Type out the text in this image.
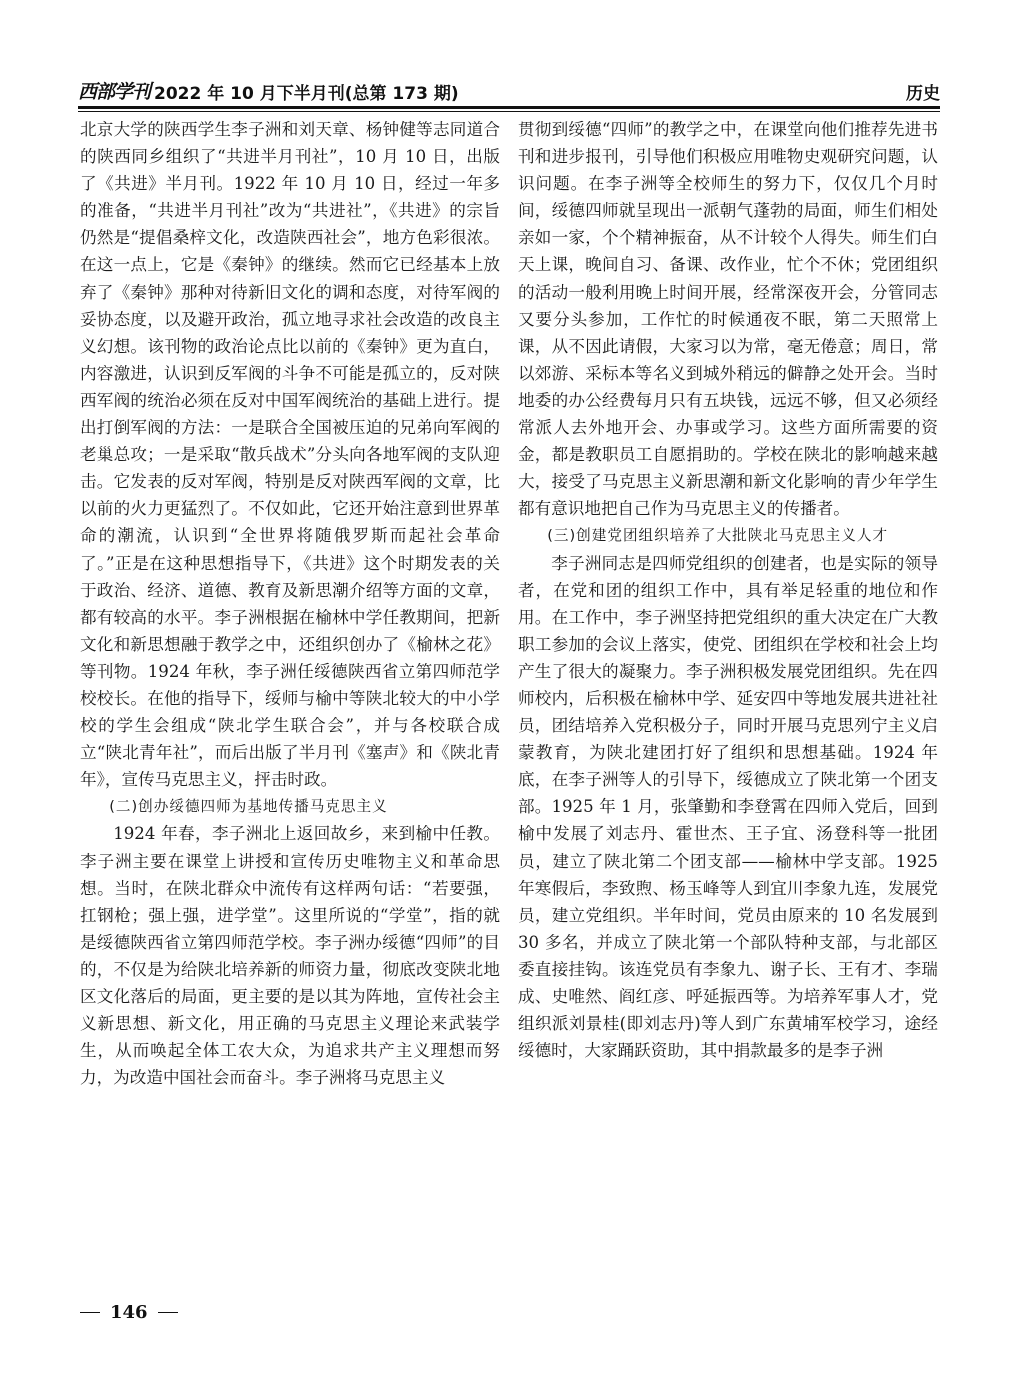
西部学刊 2022 年 10 月下半月刊(总第 173 期)	历史

北京大学的陕西学生李子洲和刘天章、杨钟健等志同道合的陕西同乡组织了“共进半月刊社”，10 月 10 日，出版了《共进》半月刊。1922 年 10 月 10 日，经过一年多的准备，“共进半月刊社”改为“共进社”，《共进》的宗旨仍然是“提倡桑梓文化，改造陕西社会”，地方色彩很浓。在这一点上，它是《秦钟》的继续。然而它已经基本上放弃了《秦钟》那种对待新旧文化的调和态度，对待军阀的妥协态度，以及避开政治，孤立地寻求社会改造的改良主义幻想。该刊物的政治论点比以前的《秦钟》更为直白，内容激进，认识到反军阀的斗争不可能是孤立的，反对陕西军阀的统治必须在反对中国军阀统治的基础上进行。提出打倒军阀的方法：一是联合全国被压迫的兄弟向军阀的老巢总攻；一是采取“散兵战术”分头向各地军阀的支队迎击。它发表的反对军阀，特别是反对陕西军阀的文章，比以前的火力更猛烈了。不仅如此，它还开始注意到世界革命的潮流，认识到“全世界将随俄罗斯而起社会革命了。”正是在这种思想指导下，《共进》这个时期发表的关于政治、经济、道德、教育及新思潮介绍等方面的文章，都有较高的水平。李子洲根据在榆林中学任教期间，把新文化和新思想融于教学之中，还组织创办了《榆林之花》等刊物。1924 年秋，李子洲任绥德陕西省立第四师范学校校长。在他的指导下，绥师与榆中等陕北较大的中小学校的学生会组成“陕北学生联合会”，并与各校联合成立“陕北青年社”，而后出版了半月刊《塞声》和《陕北青年》，宣传马克思主义，抨击时政。

(二)创办绥德四师为基地传播马克思主义

1924 年春，李子洲北上返回故乡，来到榆中任教。李子洲主要在课堂上讲授和宣传历史唯物主义和革命思想。当时，在陕北群众中流传有这样两句话：“若要强，扛钢枪；强上强，进学堂”。这里所说的“学堂”，指的就是绥德陕西省立第四师范学校。李子洲办绥德“四师”的目的，不仅是为给陕北培养新的师资力量，彻底改变陕北地区文化落后的局面，更主要的是以其为阵地，宣传社会主义新思想、新文化，用正确的马克思主义理论来武装学生，从而唤起全体工农大众，为追求共产主义理想而努力，为改造中国社会而奋斗。李子洲将马克思主义

贯彻到绥德“四师”的教学之中，在课堂向他们推荐先进书刊和进步报刊，引导他们积极应用唯物史观研究问题，认识问题。在李子洲等全校师生的努力下，仅仅几个月时间，绥德四师就呈现出一派朝气蓬勃的局面，师生们相处亲如一家，个个精神振奋，从不计较个人得失。师生们白天上课，晚间自习、备课、改作业，忙个不休；党团组织的活动一般利用晚上时间开展，经常深夜开会，分管同志又要分头参加，工作忙的时候通夜不眠，第二天照常上课，从不因此请假，大家习以为常，毫无倦意；周日，常以郊游、采标本等名义到城外稍远的僻静之处开会。当时地委的办公经费每月只有五块钱，远远不够，但又必须经常派人去外地开会、办事或学习。这些方面所需要的资金，都是教职员工自愿捐助的。学校在陕北的影响越来越大，接受了马克思主义新思潮和新文化影响的青少年学生都有意识地把自己作为马克思主义的传播者。

(三)创建党团组织培养了大批陕北马克思主义人才

李子洲同志是四师党组织的创建者，也是实际的领导者，在党和团的组织工作中，具有举足轻重的地位和作用。在工作中，李子洲坚持把党组织的重大决定在广大教职工参加的会议上落实，使党、团组织在学校和社会上均产生了很大的凝聚力。李子洲积极发展党团组织。先在四师校内，后积极在榆林中学、延安四中等地发展共进社社员，团结培养入党积极分子，同时开展马克思列宁主义启蒙教育，为陕北建团打好了组织和思想基础。1924 年底，在李子洲等人的引导下，绥德成立了陕北第一个团支部。1925 年 1 月，张肇勤和李登霄在四师入党后，回到榆中发展了刘志丹、霍世杰、王子宜、汤登科等一批团员，建立了陕北第二个团支部——榆林中学支部。1925 年寒假后，李致煦、杨玉峰等人到宜川李象九连，发展党员，建立党组织。半年时间，党员由原来的 10 名发展到 30 多名，并成立了陕北第一个部队特种支部，与北部区委直接挂钩。该连党员有李象九、谢子长、王有才、李瑞成、史唯然、阎红彦、呼延振西等。为培养军事人才，党组织派刘景桂(即刘志丹)等人到广东黄埔军校学习，途经绥德时，大家踊跃资助，其中捐款最多的是李子洲

146
